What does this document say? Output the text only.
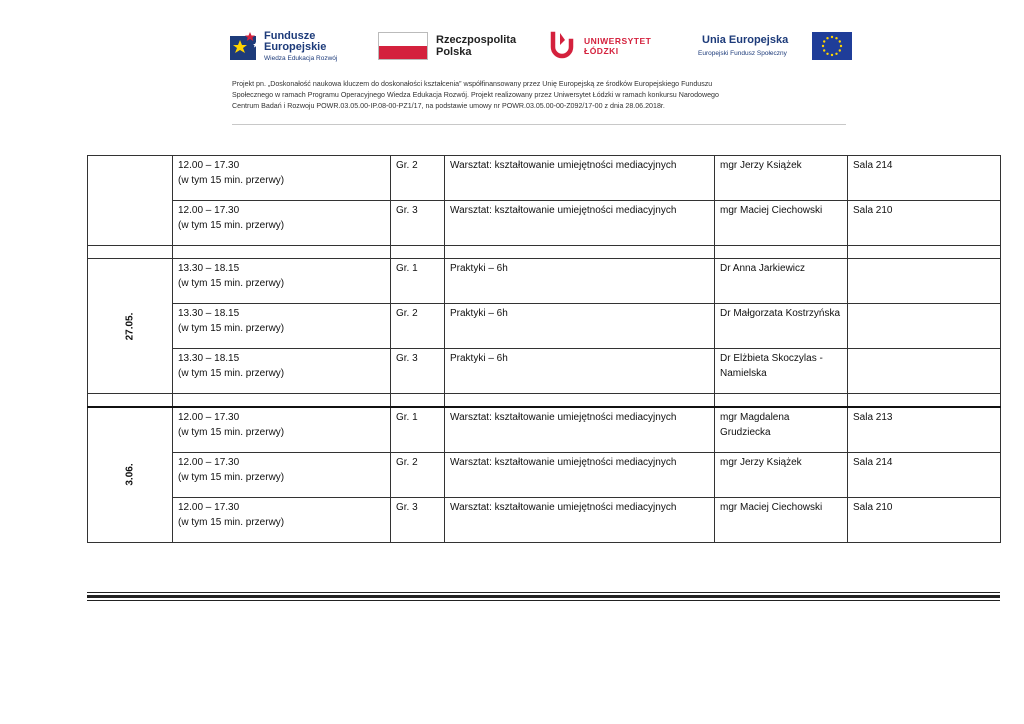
Fundusze
Europejskie
Wiedza Edukacja Rozwój
Rzeczpospolita
Polska
UNIWERSYTET
ŁÓDZKI
Unia Europejska
Europejski Fundusz Społeczny
Projekt pn. „Doskonałość naukowa kluczem do doskonałości kształcenia” współfinansowany przez Unię Europejską ze środków Europejskiego Funduszu
Społecznego w ramach Programu Operacyjnego Wiedza Edukacja Rozwój. Projekt realizowany przez Uniwersytet Łódzki w ramach konkursu Narodowego
Centrum Badań i Rozwoju POWR.03.05.00-IP.08-00-PZ1/17, na podstawie umowy nr POWR.03.05.00-00-Z092/17-00 z dnia 28.06.2018r.

	12.00 – 17.30
(w tym 15 min. przerwy)	Gr. 2	Warsztat: kształtowanie umiejętności mediacyjnych	mgr Jerzy Książek	Sala 214

	12.00 – 17.30
(w tym 15 min. przerwy)	Gr. 3	Warsztat: kształtowanie umiejętności mediacyjnych	mgr Maciej Ciechowski	Sala 210

27.05.	13.30 – 18.15
(w tym 15 min. przerwy)	Gr. 1	Praktyki – 6h	Dr Anna Jarkiewicz	

	13.30 – 18.15
(w tym 15 min. przerwy)	Gr. 2	Praktyki – 6h	Dr Małgorzata Kostrzyńska	

	13.30 – 18.15
(w tym 15 min. przerwy)	Gr. 3	Praktyki – 6h	Dr Elżbieta Skoczylas - Namielska	

3.06.	12.00 – 17.30
(w tym 15 min. przerwy)	Gr. 1	Warsztat: kształtowanie umiejętności mediacyjnych	mgr Magdalena Grudziecka	Sala 213

	12.00 – 17.30
(w tym 15 min. przerwy)	Gr. 2	Warsztat: kształtowanie umiejętności mediacyjnych	mgr Jerzy Książek	Sala 214

	12.00 – 17.30
(w tym 15 min. przerwy)	Gr. 3	Warsztat: kształtowanie umiejętności mediacyjnych	mgr Maciej Ciechowski	Sala 210
